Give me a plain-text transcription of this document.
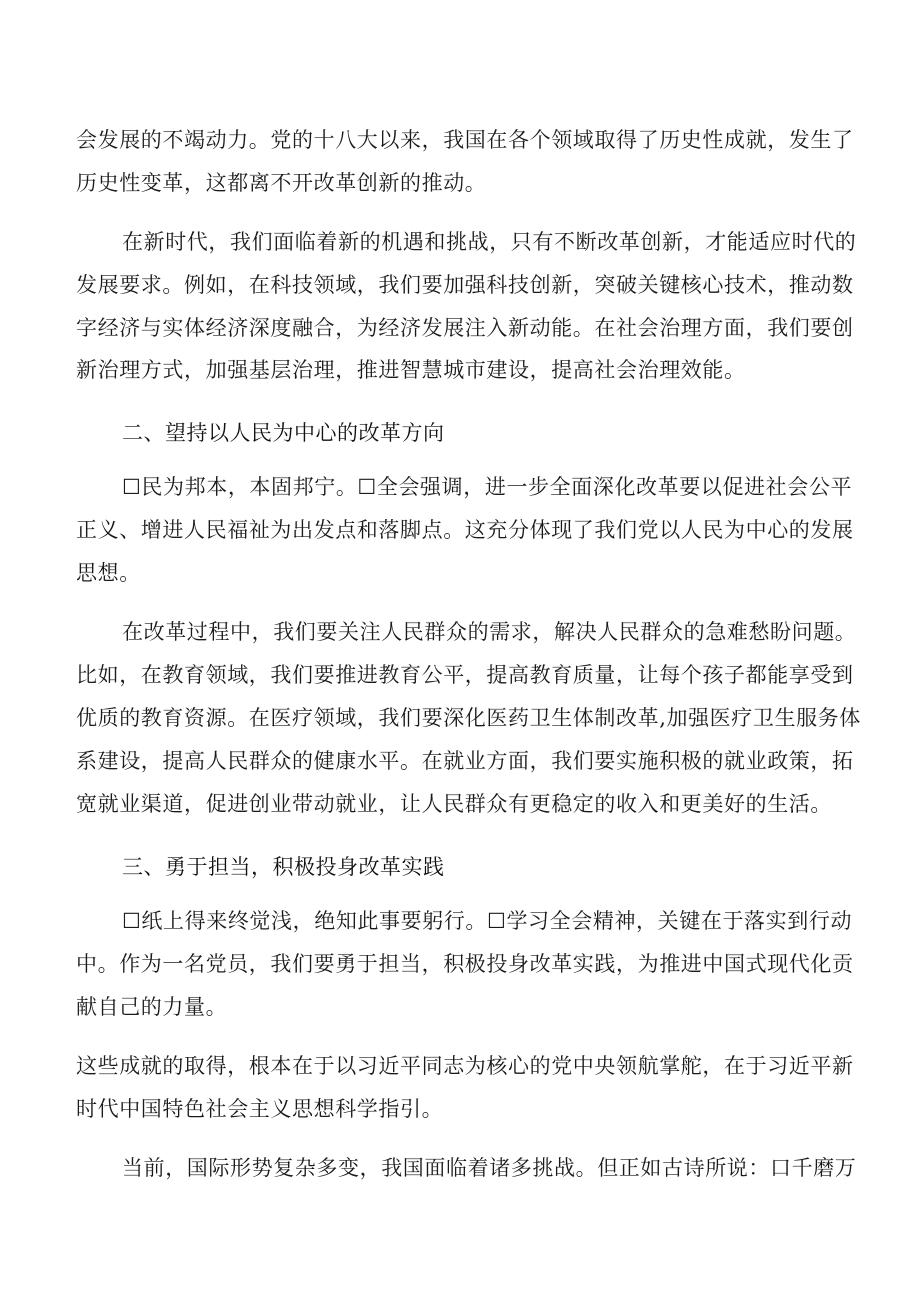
会发展的不竭动力。党的十八大以来，我国在各个领域取得了历史性成就，发生了
历史性变革，这都离不开改革创新的推动。
在新时代，我们面临着新的机遇和挑战，只有不断改革创新，才能适应时代的
发展要求。例如，在科技领域，我们要加强科技创新，突破关键核心技术，推动数
字经济与实体经济深度融合，为经济发展注入新动能。在社会治理方面，我们要创
新治理方式，加强基层治理，推进智慧城市建设，提高社会治理效能。
二、望持以人民为中心的改革方向
☐民为邦本，本固邦宁。☐全会强调，进一步全面深化改革要以促进社会公平
正义、增进人民福祉为出发点和落脚点。这充分体现了我们党以人民为中心的发展
思想。
在改革过程中，我们要关注人民群众的需求，解决人民群众的急难愁盼问题。
比如，在教育领域，我们要推进教育公平，提高教育质量，让每个孩子都能享受到
优质的教育资源。在医疗领域，我们要深化医药卫生体制改革,加强医疗卫生服务体
系建设，提高人民群众的健康水平。在就业方面，我们要实施积极的就业政策，拓
宽就业渠道，促进创业带动就业，让人民群众有更稳定的收入和更美好的生活。
三、勇于担当，积极投身改革实践
☐纸上得来终觉浅，绝知此事要躬行。☐学习全会精神，关键在于落实到行动
中。作为一名党员，我们要勇于担当，积极投身改革实践，为推进中国式现代化贡
献自己的力量。
这些成就的取得，根本在于以习近平同志为核心的党中央领航掌舵，在于习近平新
时代中国特色社会主义思想科学指引。
当前，国际形势复杂多变，我国面临着诸多挑战。但正如古诗所说：口千磨万
